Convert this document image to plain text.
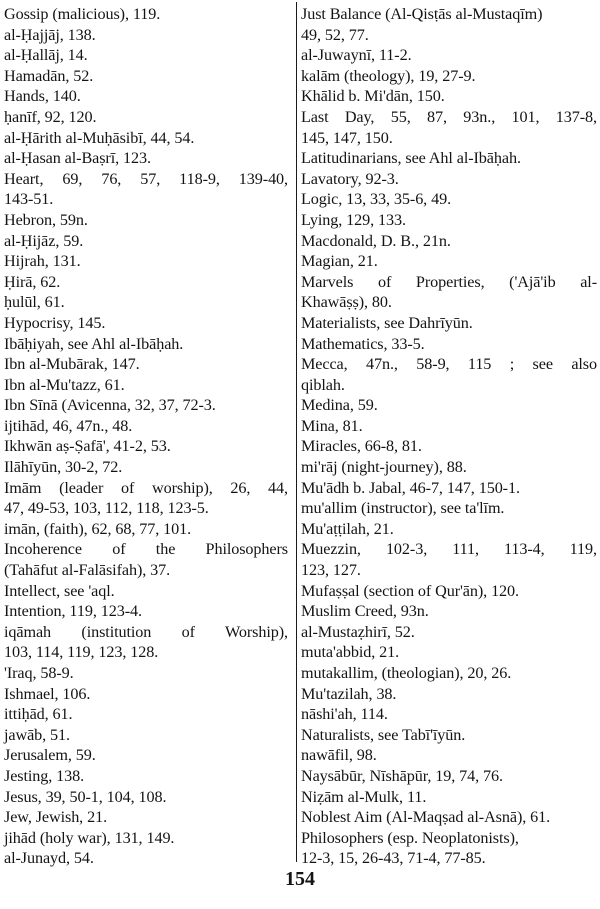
Gossip (malicious), 119.
al-Ḥajjāj, 138.
al-Ḥallāj, 14.
Hamadān, 52.
Hands, 140.
ḥanīf, 92, 120.
al-Ḥārith al-Muḥāsibī, 44, 54.
al-Ḥasan al-Baṣrī, 123.
Heart, 69, 76, 57, 118-9, 139-40,
143-51.
Hebron, 59n.
al-Ḥijāz, 59.
Hijrah, 131.
Ḥirā, 62.
ḥulūl, 61.
Hypocrisy, 145.
Ibāḥiyah, see Ahl al-Ibāḥah.
Ibn al-Mubārak, 147.
Ibn al-Mu'tazz, 61.
Ibn Sīnā (Avicenna, 32, 37, 72-3.
ijtihād, 46, 47n., 48.
Ikhwān aṣ-Ṣafā', 41-2, 53.
Ilāhīyūn, 30-2, 72.
Imām (leader of worship), 26, 44,
47, 49-53, 103, 112, 118, 123-5.
imān, (faith), 62, 68, 77, 101.
Incoherence of the Philosophers
(Tahāfut al-Falāsifah), 37.
Intellect, see 'aql.
Intention, 119, 123-4.
iqāmah (institution of Worship),
103, 114, 119, 123, 128.
'Iraq, 58-9.
Ishmael, 106.
ittiḥād, 61.
jawāb, 51.
Jerusalem, 59.
Jesting, 138.
Jesus, 39, 50-1, 104, 108.
Jew, Jewish, 21.
jihād (holy war), 131, 149.
al-Junayd, 54.
Just Balance (Al-Qisṭās al-Mustaqīm)
49, 52, 77.
al-Juwaynī, 11-2.
kalām (theology), 19, 27-9.
Khālid b. Mi'dān, 150.
Last Day, 55, 87, 93n., 101, 137-8,
145, 147, 150.
Latitudinarians, see Ahl al-Ibāḥah.
Lavatory, 92-3.
Logic, 13, 33, 35-6, 49.
Lying, 129, 133.
Macdonald, D. B., 21n.
Magian, 21.
Marvels of Properties, ('Ajā'ib al-
Khawāṣṣ), 80.
Materialists, see Dahrīyūn.
Mathematics, 33-5.
Mecca, 47n., 58-9, 115 ; see also
qiblah.
Medina, 59.
Mina, 81.
Miracles, 66-8, 81.
mi'rāj (night-journey), 88.
Mu'ādh b. Jabal, 46-7, 147, 150-1.
mu'allim (instructor), see ta'līm.
Mu'aṭṭilah, 21.
Muezzin, 102-3, 111, 113-4, 119,
123, 127.
Mufaṣṣal (section of Qur'ān), 120.
Muslim Creed, 93n.
al-Mustaẓhirī, 52.
muta'abbid, 21.
mutakallim, (theologian), 20, 26.
Mu'tazilah, 38.
nāshi'ah, 114.
Naturalists, see Tabī'īyūn.
nawāfil, 98.
Naysābūr, Nīshāpūr, 19, 74, 76.
Niẓām al-Mulk, 11.
Noblest Aim (Al-Maqṣad al-Asnā), 61.
Philosophers (esp. Neoplatonists),
12-3, 15, 26-43, 71-4, 77-85.
154
